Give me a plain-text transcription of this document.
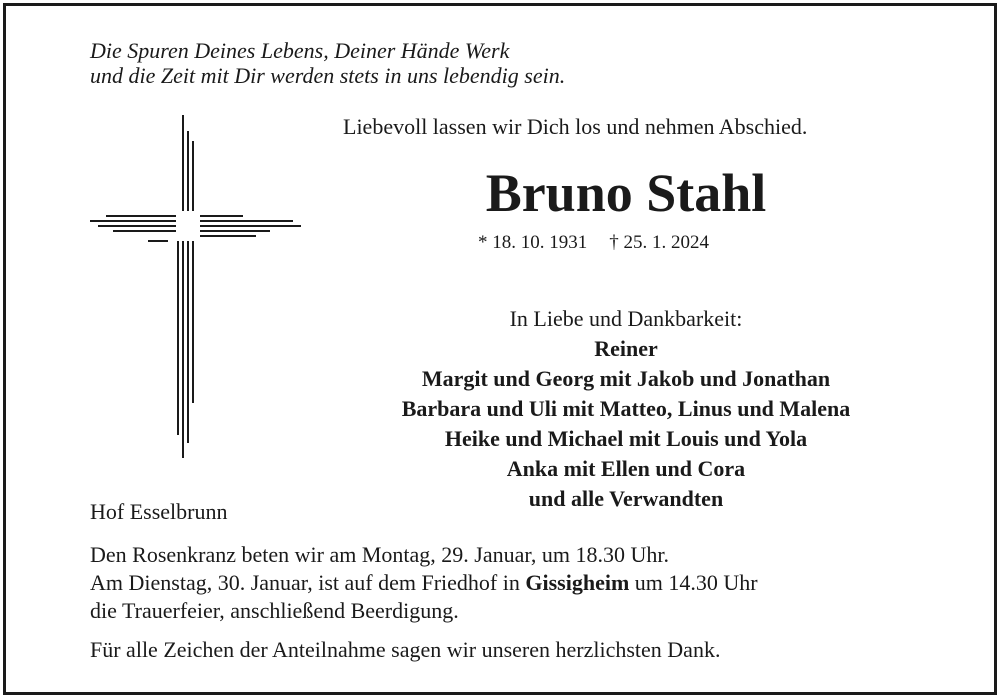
Die Spuren Deines Lebens, Deiner Hände Werk
und die Zeit mit Dir werden stets in uns lebendig sein.
Liebevoll lassen wir Dich los und nehmen Abschied.
Bruno Stahl
* 18. 10. 1931 † 25. 1. 2024
In Liebe und Dankbarkeit:
Reiner
Margit und Georg mit Jakob und Jonathan
Barbara und Uli mit Matteo, Linus und Malena
Heike und Michael mit Louis und Yola
Anka mit Ellen und Cora
und alle Verwandten
Hof Esselbrunn
Den Rosenkranz beten wir am Montag, 29. Januar, um 18.30 Uhr.
Am Dienstag, 30. Januar, ist auf dem Friedhof in Gissigheim um 14.30 Uhr
die Trauerfeier, anschließend Beerdigung.
Für alle Zeichen der Anteilnahme sagen wir unseren herzlichsten Dank.
